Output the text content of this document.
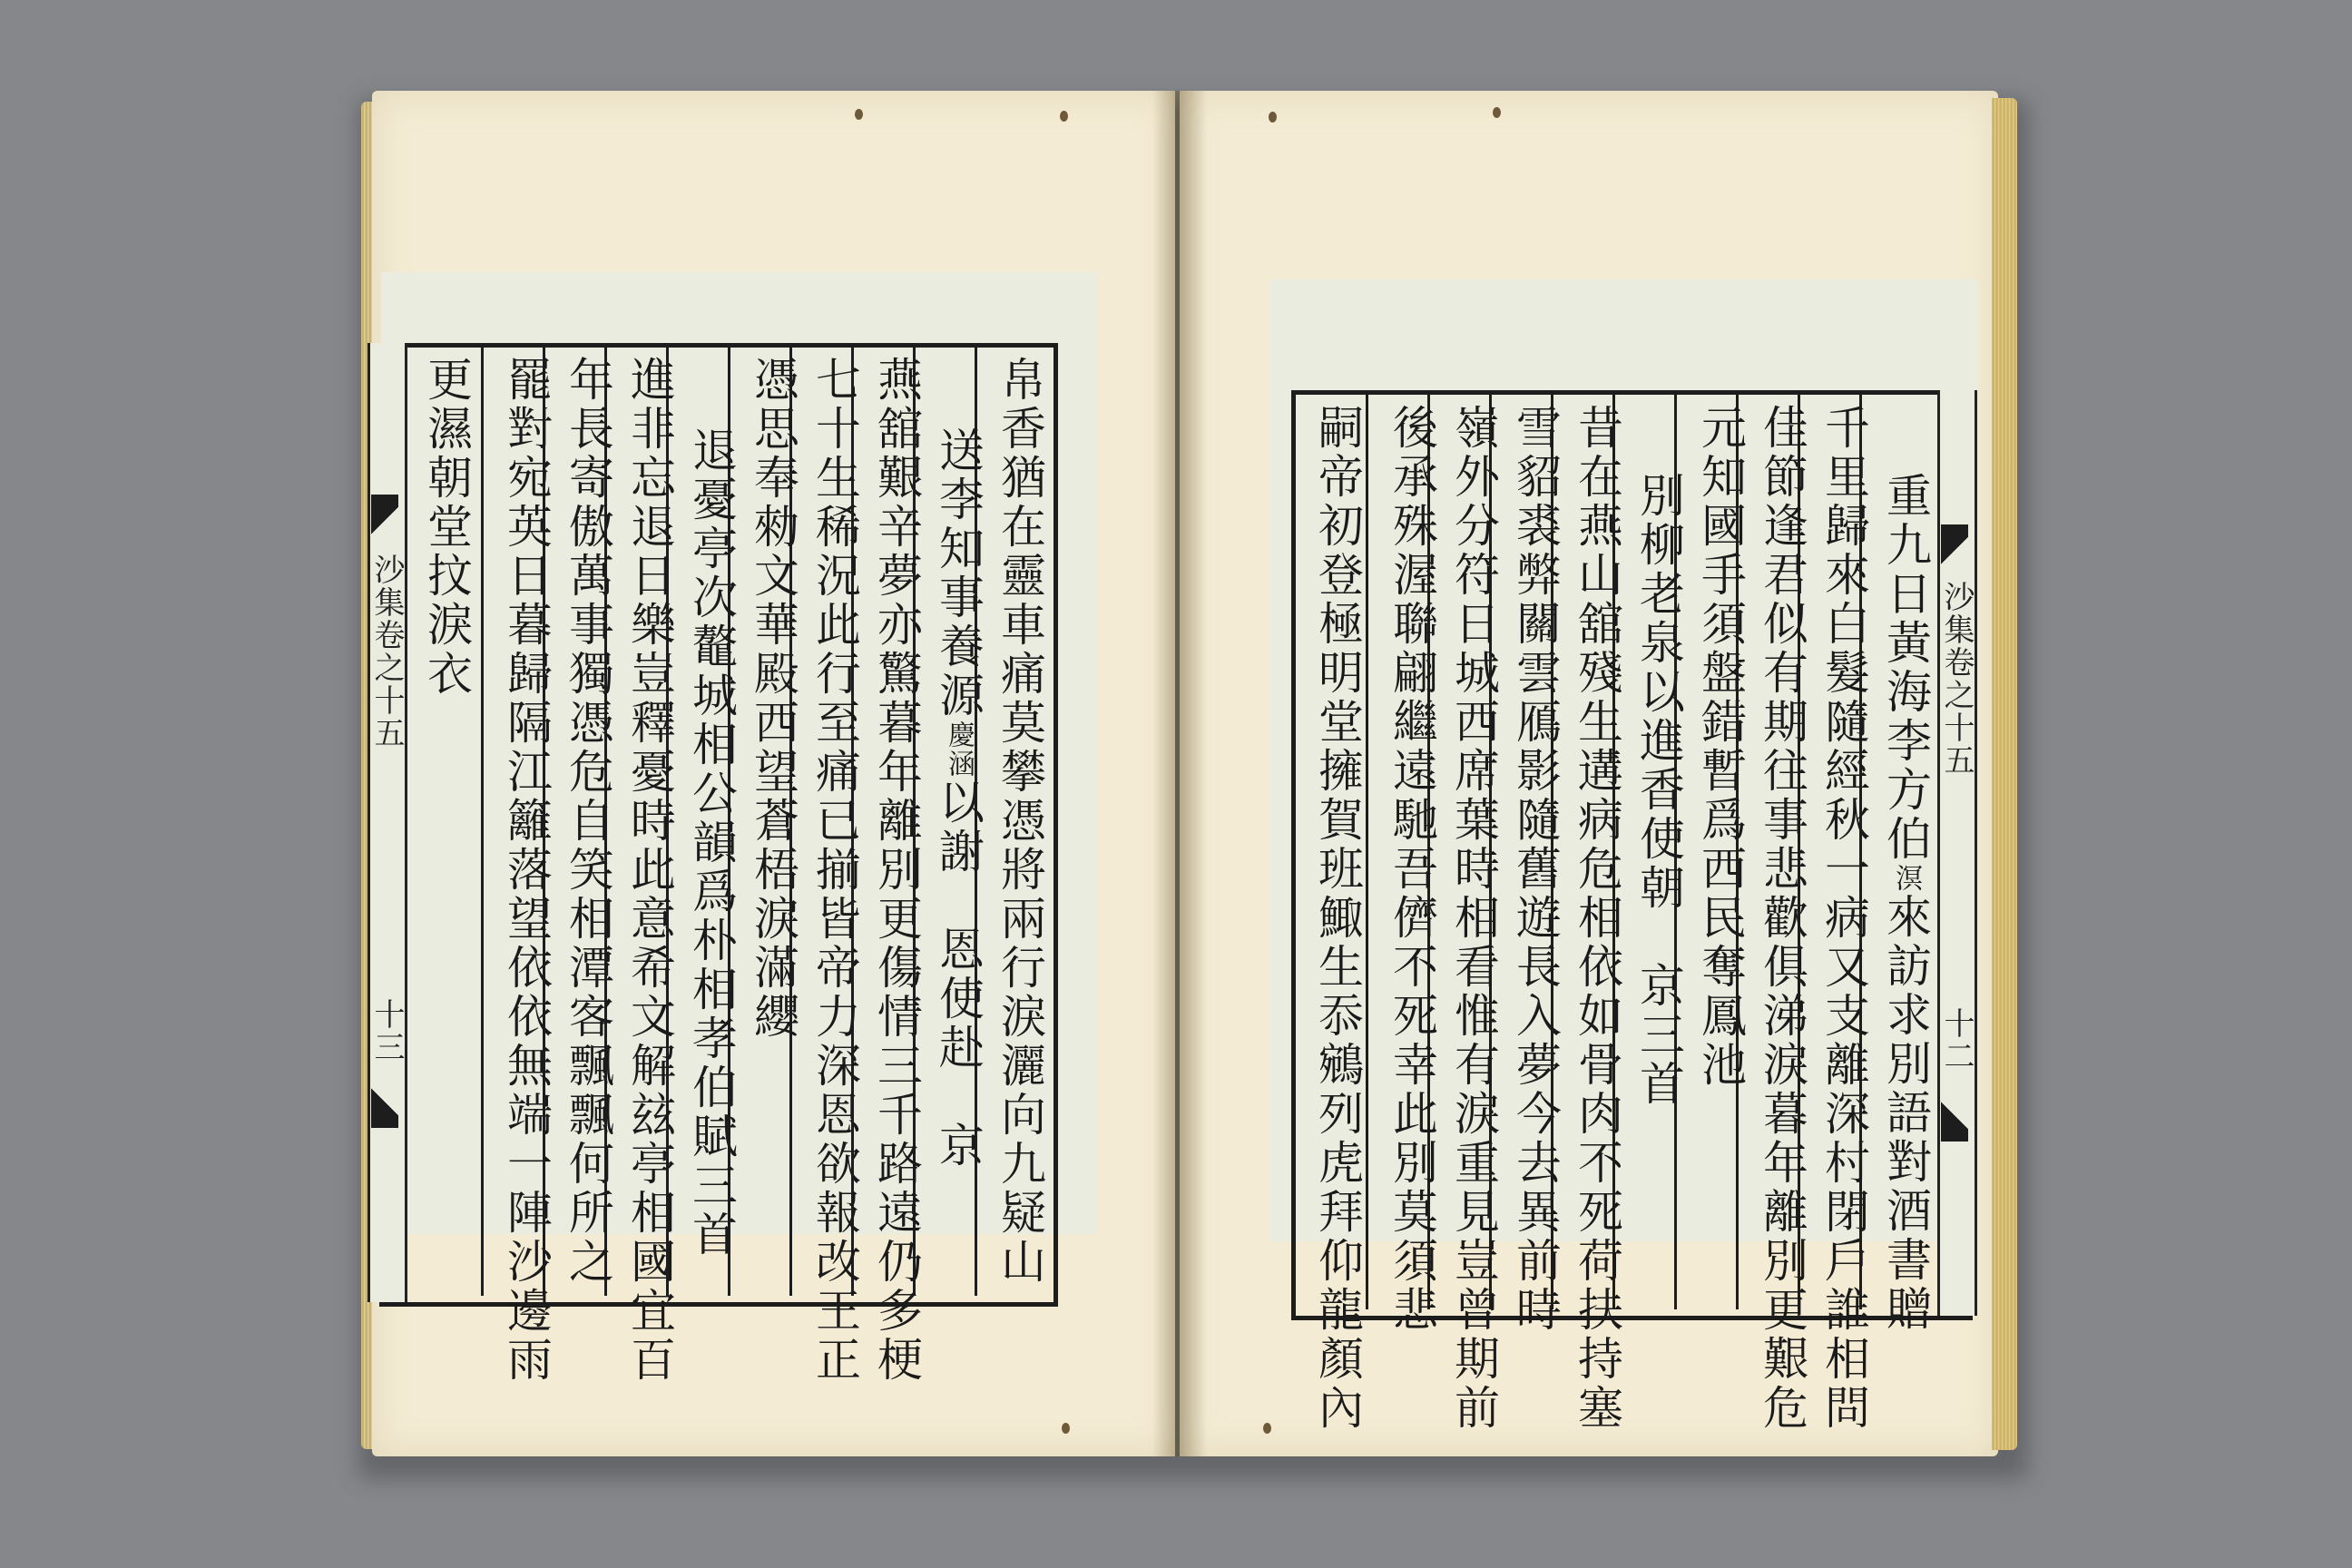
沙集卷之十五
十三	帛香猶在靈車痛莫攀憑將兩行淚灑向九疑山
送李知事養源慶涵以謝　恩使赴　京
燕舘艱辛夢亦驚暮年離別更傷情三千路遠仍多梗
七十生稀況此行至痛已揃皆帝力深恩欲報改王正
憑思奉勑文華殿西望蒼梧淚滿纓
退憂亭次鼇城相公韻爲朴相孝伯賦三首
進非忘退日樂豈釋憂時此意希文解玆亭相國宜百
年長寄傲萬事獨憑危自笑相潭客飄飄何所之
罷對宛英日暮歸隔江籬落望依依無端一陣沙邊雨
更濕朝堂抆淚衣	沙集卷之十五
十二
重九日黃海李方伯溟來訪求別語對酒書贈
千里歸來白髮隨經秋一病又支離深村閉戶誰相問
佳節逢君似有期往事悲歡俱涕淚暮年離別更艱危
元知國手須盤錯暫爲西民奪鳳池
別柳老泉以進香使朝　京三首
昔在燕山舘殘生遘病危相依如骨肉不死荷扶持塞
雪貂裘弊關雲鴈影隨舊遊長入夢今去異前時
嶺外分符日城西席葉時相看惟有淚重見豈曾期前
後承殊渥聯翩繼遠馳吾儕不死幸此別莫須悲
嗣帝初登極明堂擁賀班鯫生忝鵷列虎拜仰龍顏內
